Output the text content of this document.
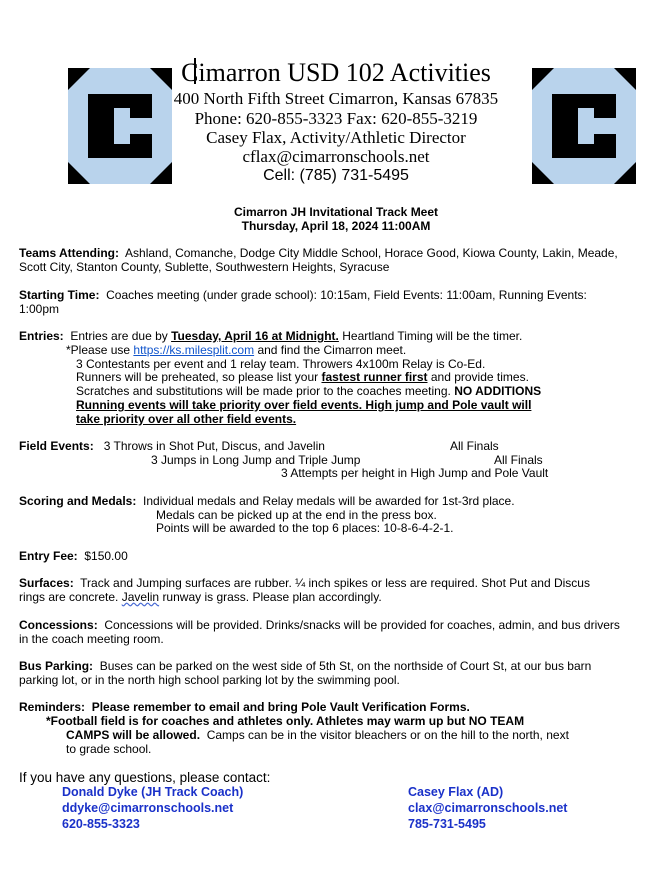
Cimarron USD 102 Activities
400 North Fifth Street Cimarron, Kansas 67835
Phone: 620-855-3323 Fax: 620-855-3219
Casey Flax, Activity/Athletic Director
cflax@cimarronschools.net
Cell: (785) 731-5495
Cimarron JH Invitational Track Meet
Thursday, April 18, 2024 11:00AM
Teams Attending: Ashland, Comanche, Dodge City Middle School, Horace Good, Kiowa County, Lakin, Meade, Scott City, Stanton County, Sublette, Southwestern Heights, Syracuse
Starting Time: Coaches meeting (under grade school): 10:15am, Field Events: 11:00am, Running Events: 1:00pm
Entries: Entries are due by Tuesday, April 16 at Midnight. Heartland Timing will be the timer.
*Please use https://ks.milesplit.com and find the Cimarron meet.
3 Contestants per event and 1 relay team. Throwers 4x100m Relay is Co-Ed.
Runners will be preheated, so please list your fastest runner first and provide times.
Scratches and substitutions will be made prior to the coaches meeting. NO ADDITIONS
Running events will take priority over field events. High jump and Pole vault will
take priority over all other field events.
Field Events: 3 Throws in Shot Put, Discus, and Javelin	All Finals
3 Jumps in Long Jump and Triple Jump	All Finals
3 Attempts per height in High Jump and Pole Vault
Scoring and Medals: Individual medals and Relay medals will be awarded for 1st-3rd place.
Medals can be picked up at the end in the press box.
Points will be awarded to the top 6 places: 10-8-6-4-2-1.
Entry Fee: $150.00
Surfaces: Track and Jumping surfaces are rubber. ¼ inch spikes or less are required. Shot Put and Discus rings are concrete. Javelin runway is grass. Please plan accordingly.
Concessions: Concessions will be provided. Drinks/snacks will be provided for coaches, admin, and bus drivers in the coach meeting room.
Bus Parking: Buses can be parked on the west side of 5th St, on the northside of Court St, at our bus barn parking lot, or in the north high school parking lot by the swimming pool.
Reminders: Please remember to email and bring Pole Vault Verification Forms.
*Football field is for coaches and athletes only. Athletes may warm up but NO TEAM
CAMPS will be allowed. Camps can be in the visitor bleachers or on the hill to the north, next
to grade school.
If you have any questions, please contact:
Donald Dyke (JH Track Coach)
ddyke@cimarronschools.net
620-855-3323
Casey Flax (AD)
clax@cimarronschools.net
785-731-5495
